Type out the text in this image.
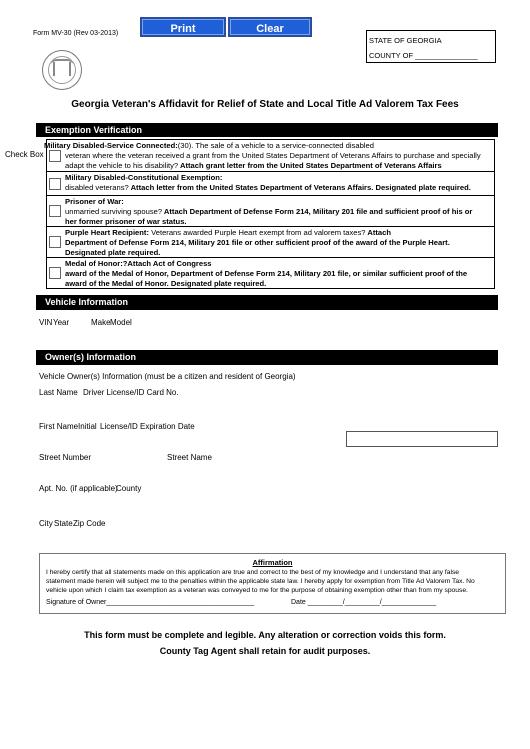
Form MV-30 (Rev 03-2013)	Print	Clear
STATE OF GEORGIA
COUNTY OF _______________
Georgia Veteran's Affidavit for Relief of State and Local Title Ad Valorem Tax Fees
Exemption Verification
Check Box
Military Disabled-Service Connected:(30). The sale of a vehicle to a service-connected disabled
veteran where the veteran received a grant from the United States Department of Veterans Affairs to purchase and specially
adapt the vehicle to his disability? Attach grant letter from the United States Department of Veterans Affairs
Military Disabled-Constitutional Exemption:
disabled veterans? Attach letter from the United States Department of Veterans Affairs. Designated plate required.
Prisoner of War:
unmarried surviving spouse? Attach Department of Defense Form 214, Military 201 file and sufficient proof of his or
her former prisoner of war status.
Purple Heart Recipient: Veterans awarded Purple Heart exempt from ad valorem taxes? Attach
Department of Defense Form 214, Military 201 file or other sufficient proof of the award of the Purple Heart.
Designated plate required.
Medal of Honor:?Attach Act of Congress
award of the Medal of Honor, Department of Defense Form 214, Military 201 file, or similar sufficient proof of the
award of the Medal of Honor. Designated plate required.
Vehicle Information
VIN Year	Make Model
Owner(s) Information
Vehicle Owner(s) Information (must be a citizen and resident of Georgia)
Last Name Driver License/ID Card No.
First Name Initial License/ID Expiration Date
Street Number	Street Name
Apt. No. (if applicable)
County
City State Zip Code
Affirmation
I hereby certify that all statements made on this application are true and correct to the best of my knowledge and I understand that any false
statement made herein will subject me to the penalties within the applicable state law. I hereby apply for exemption from Title Ad Valorem Tax. No
vehicle upon which I claim tax exemption as a veteran was conveyed to me for the purpose of obtaining exemption other than from my spouse.
Signature of Owner______________________________________	Date _________/_________/______________
This form must be complete and legible. Any alteration or correction voids this form.
County Tag Agent shall retain for audit purposes.
